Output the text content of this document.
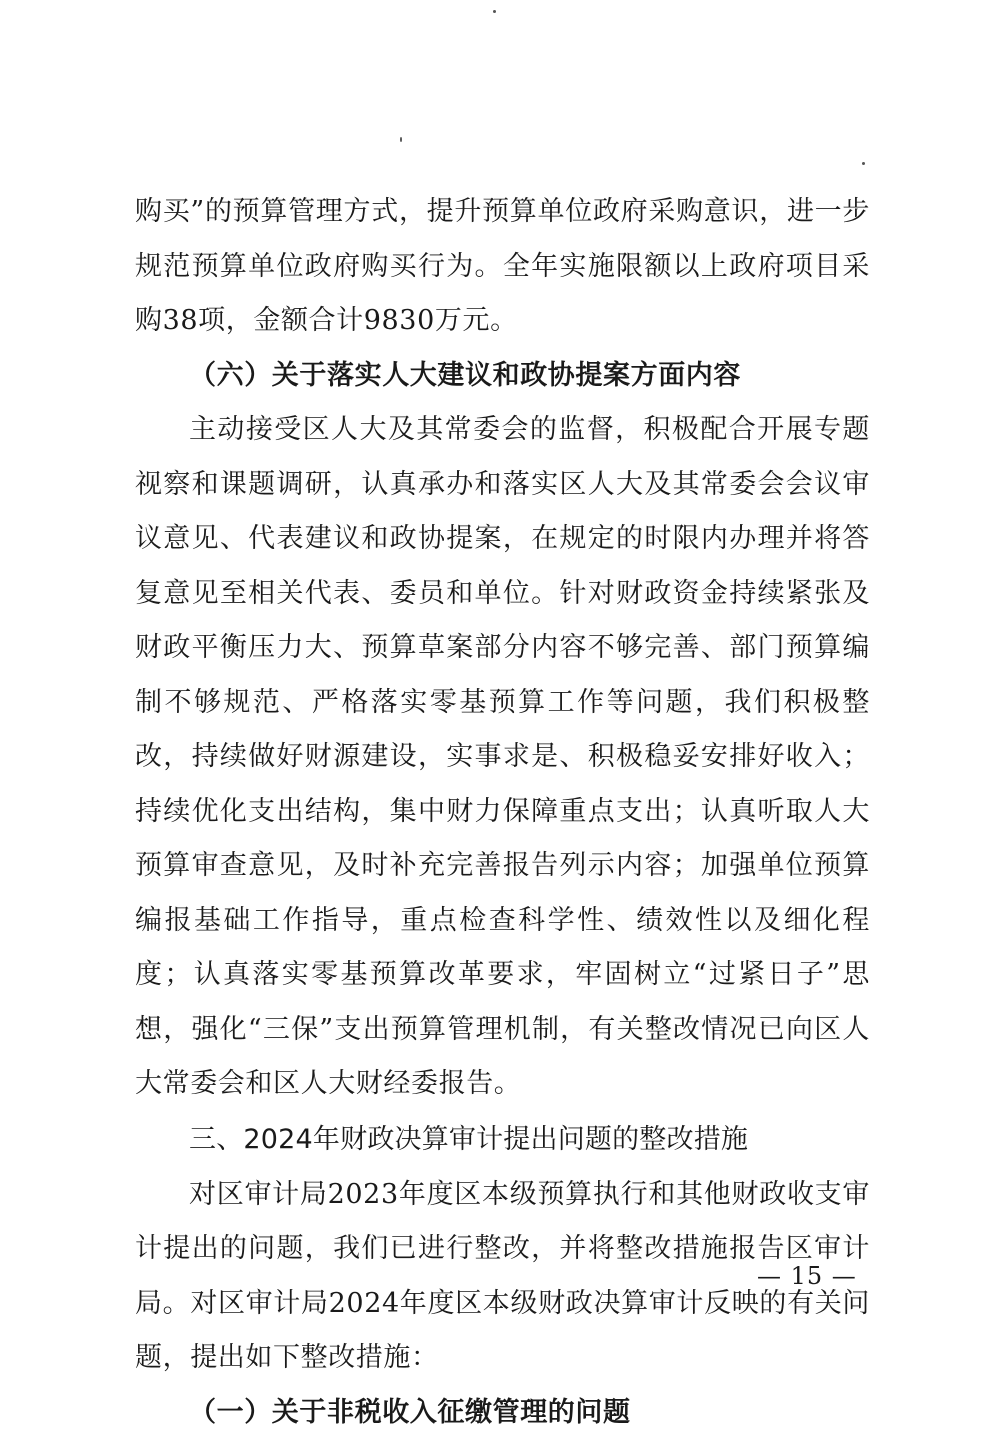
购买”的预算管理方式，提升预算单位政府采购意识，进一步规范预算单位政府购买行为。全年实施限额以上政府项目采购38项，金额合计9830万元。

（六）关于落实人大建议和政协提案方面内容

主动接受区人大及其常委会的监督，积极配合开展专题视察和课题调研，认真承办和落实区人大及其常委会会议审议意见、代表建议和政协提案，在规定的时限内办理并将答复意见至相关代表、委员和单位。针对财政资金持续紧张及财政平衡压力大、预算草案部分内容不够完善、部门预算编制不够规范、严格落实零基预算工作等问题，我们积极整改，持续做好财源建设，实事求是、积极稳妥安排好收入；持续优化支出结构，集中财力保障重点支出；认真听取人大预算审查意见，及时补充完善报告列示内容；加强单位预算编报基础工作指导，重点检查科学性、绩效性以及细化程度；认真落实零基预算改革要求，牢固树立“过紧日子”思想，强化“三保”支出预算管理机制，有关整改情况已向区人大常委会和区人大财经委报告。

三、2024年财政决算审计提出问题的整改措施

对区审计局2023年度区本级预算执行和其他财政收支审计提出的问题，我们已进行整改，并将整改措施报告区审计局。对区审计局2024年度区本级财政决算审计反映的有关问题，提出如下整改措施：

（一）关于非税收入征缴管理的问题

— 15 —
